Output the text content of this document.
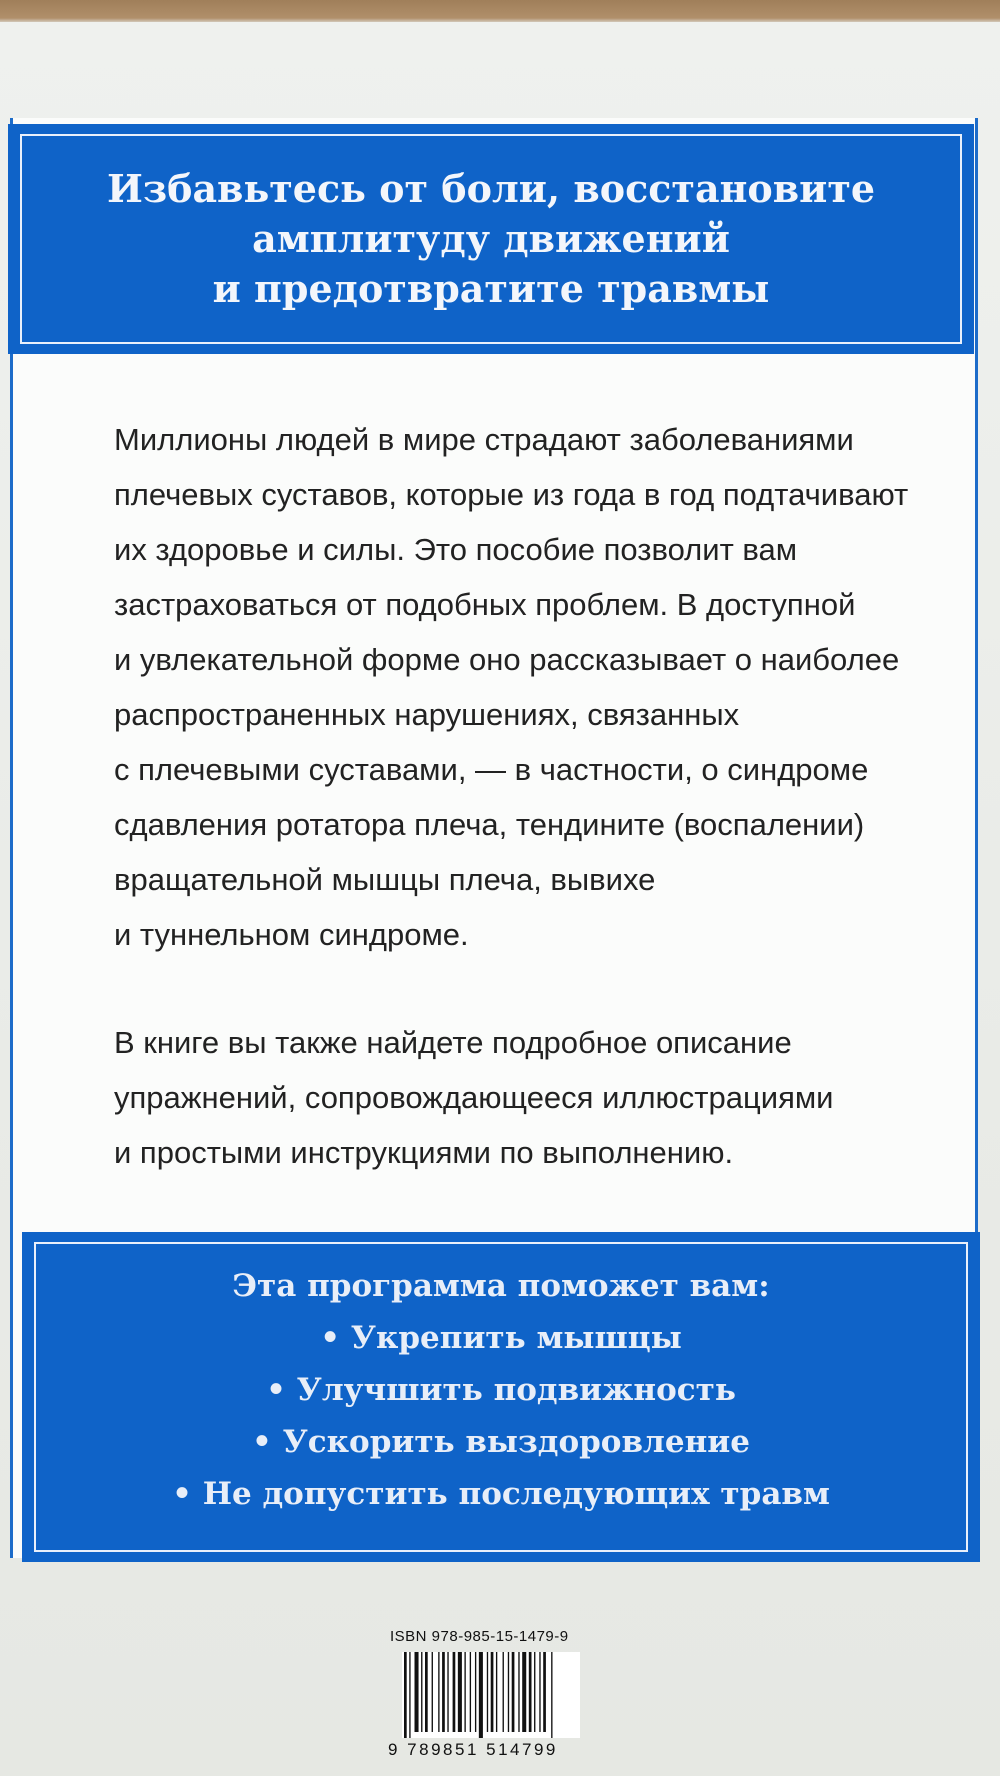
Избавьтесь от боли, восстановите
амплитуду движений
и предотвратите травмы
Миллионы людей в мире страдают заболеваниями
плечевых суставов, которые из года в год подтачивают
их здоровье и силы. Это пособие позволит вам
застраховаться от подобных проблем. В доступной
и увлекательной форме оно рассказывает о наиболее
распространенных нарушениях, связанных
с плечевыми суставами, — в частности, о синдроме
сдавления ротатора плеча, тендините (воспалении)
вращательной мышцы плеча, вывихе
и туннельном синдроме.
В книге вы также найдете подробное описание
упражнений, сопровождающееся иллюстрациями
и простыми инструкциями по выполнению.
Эта программа поможет вам:
• Укрепить мышцы
• Улучшить подвижность
• Ускорить выздоровление
• Не допустить последующих травм
ISBN 978-985-15-1479-9
9 789851 514799
